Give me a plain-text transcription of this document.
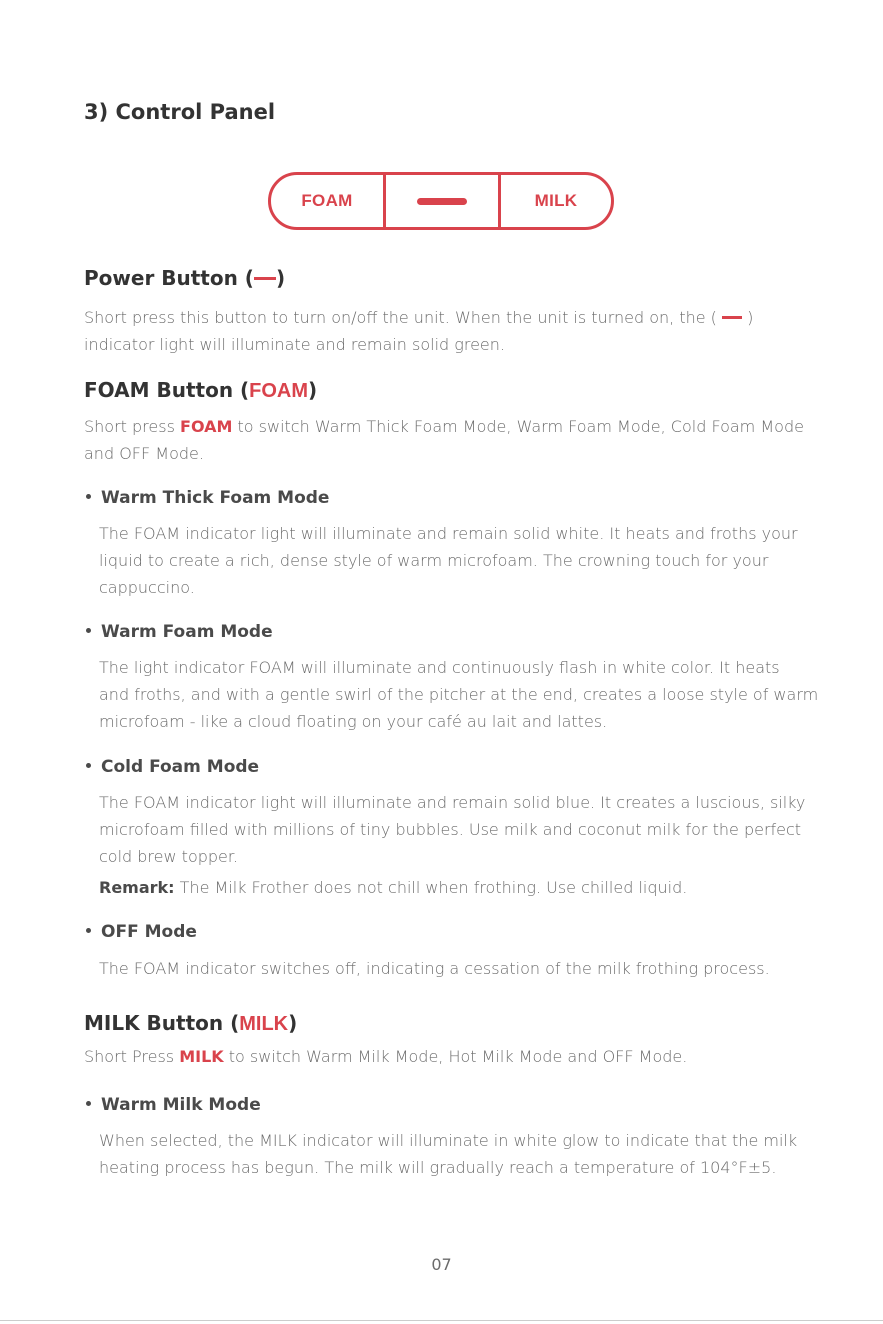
3) Control Panel
FOAM	MILK
Power Button ( )
Short press this button to turn on/off the unit. When the unit is turned on, the ( )
indicator light will illuminate and remain solid green.
FOAM Button (FOAM)
Short press FOAM to switch Warm Thick Foam Mode, Warm Foam Mode, Cold Foam Mode
and OFF Mode.
Warm Thick Foam Mode
The FOAM indicator light will illuminate and remain solid white. It heats and froths your
liquid to create a rich, dense style of warm microfoam. The crowning touch for your
cappuccino.
Warm Foam Mode
The light indicator FOAM will illuminate and continuously flash in white color. It heats
and froths, and with a gentle swirl of the pitcher at the end, creates a loose style of warm
microfoam - like a cloud floating on your café au lait and lattes.
Cold Foam Mode
The FOAM indicator light will illuminate and remain solid blue. It creates a luscious, silky
microfoam filled with millions of tiny bubbles. Use milk and coconut milk for the perfect
cold brew topper.
Remark: The Milk Frother does not chill when frothing. Use chilled liquid.
OFF Mode
The FOAM indicator switches off, indicating a cessation of the milk frothing process.
MILK Button (MILK)
Short Press MILK to switch Warm Milk Mode, Hot Milk Mode and OFF Mode.
Warm Milk Mode
When selected, the MILK indicator will illuminate in white glow to indicate that the milk
heating process has begun. The milk will gradually reach a temperature of 104°F±5.
07
